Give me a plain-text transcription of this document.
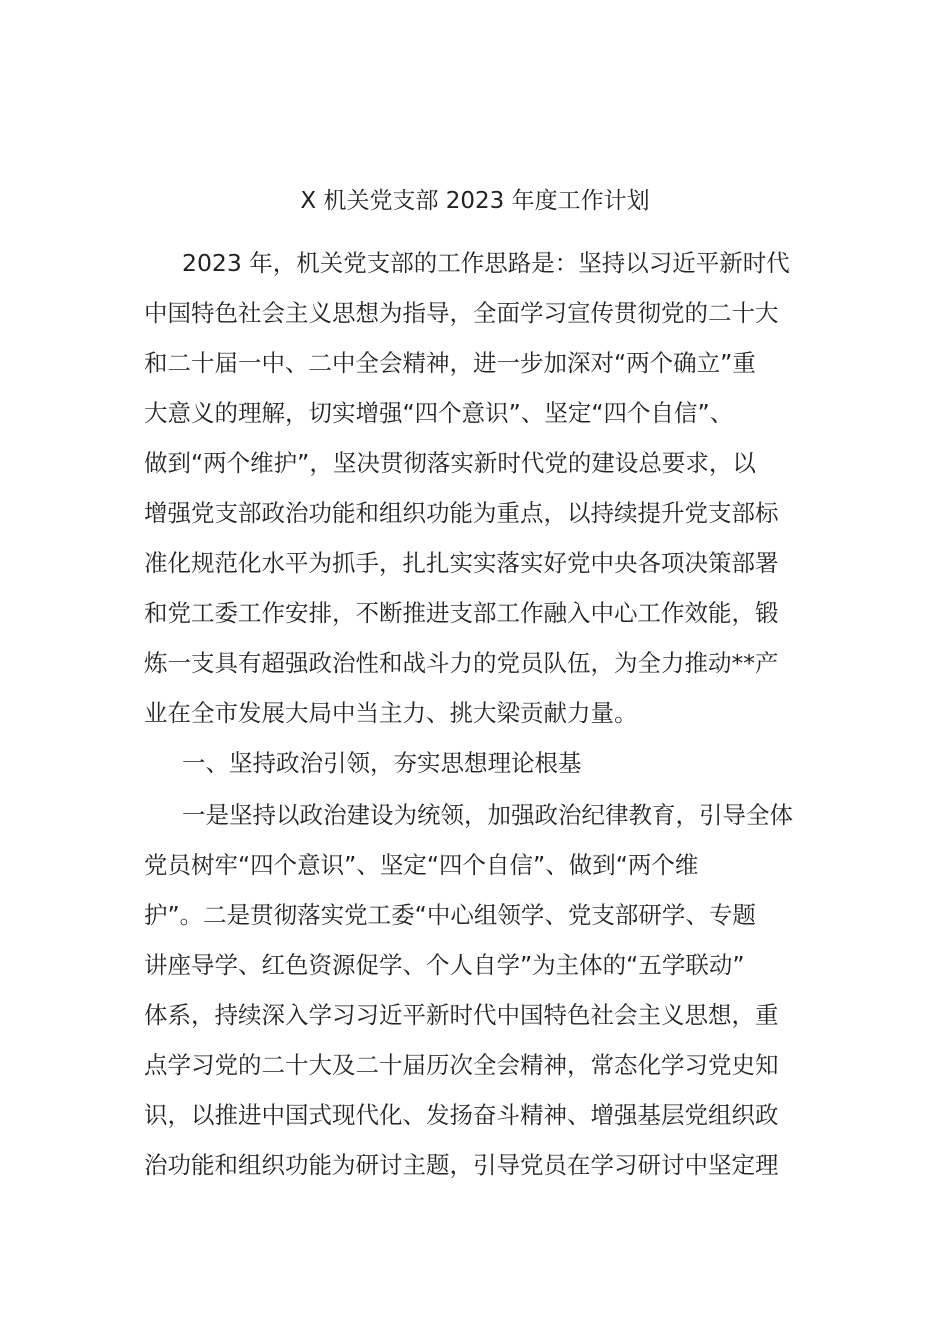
X 机关党支部 2023 年度工作计划
2023 年，机关党支部的工作思路是：坚持以习近平新时代
中国特色社会主义思想为指导，全面学习宣传贯彻党的二十大
和二十届一中、二中全会精神，进一步加深对“两个确立”重
大意义的理解，切实增强“四个意识”、坚定“四个自信”、
做到“两个维护”，坚决贯彻落实新时代党的建设总要求，以
增强党支部政治功能和组织功能为重点，以持续提升党支部标
准化规范化水平为抓手，扎扎实实落实好党中央各项决策部署
和党工委工作安排，不断推进支部工作融入中心工作效能，锻
炼一支具有超强政治性和战斗力的党员队伍，为全力推动**产
业在全市发展大局中当主力、挑大梁贡献力量。
一、坚持政治引领，夯实思想理论根基
一是坚持以政治建设为统领，加强政治纪律教育，引导全体
党员树牢“四个意识”、坚定“四个自信”、做到“两个维
护”。二是贯彻落实党工委“中心组领学、党支部研学、专题
讲座导学、红色资源促学、个人自学”为主体的“五学联动”
体系，持续深入学习习近平新时代中国特色社会主义思想，重
点学习党的二十大及二十届历次全会精神，常态化学习党史知
识，以推进中国式现代化、发扬奋斗精神、增强基层党组织政
治功能和组织功能为研讨主题，引导党员在学习研讨中坚定理
